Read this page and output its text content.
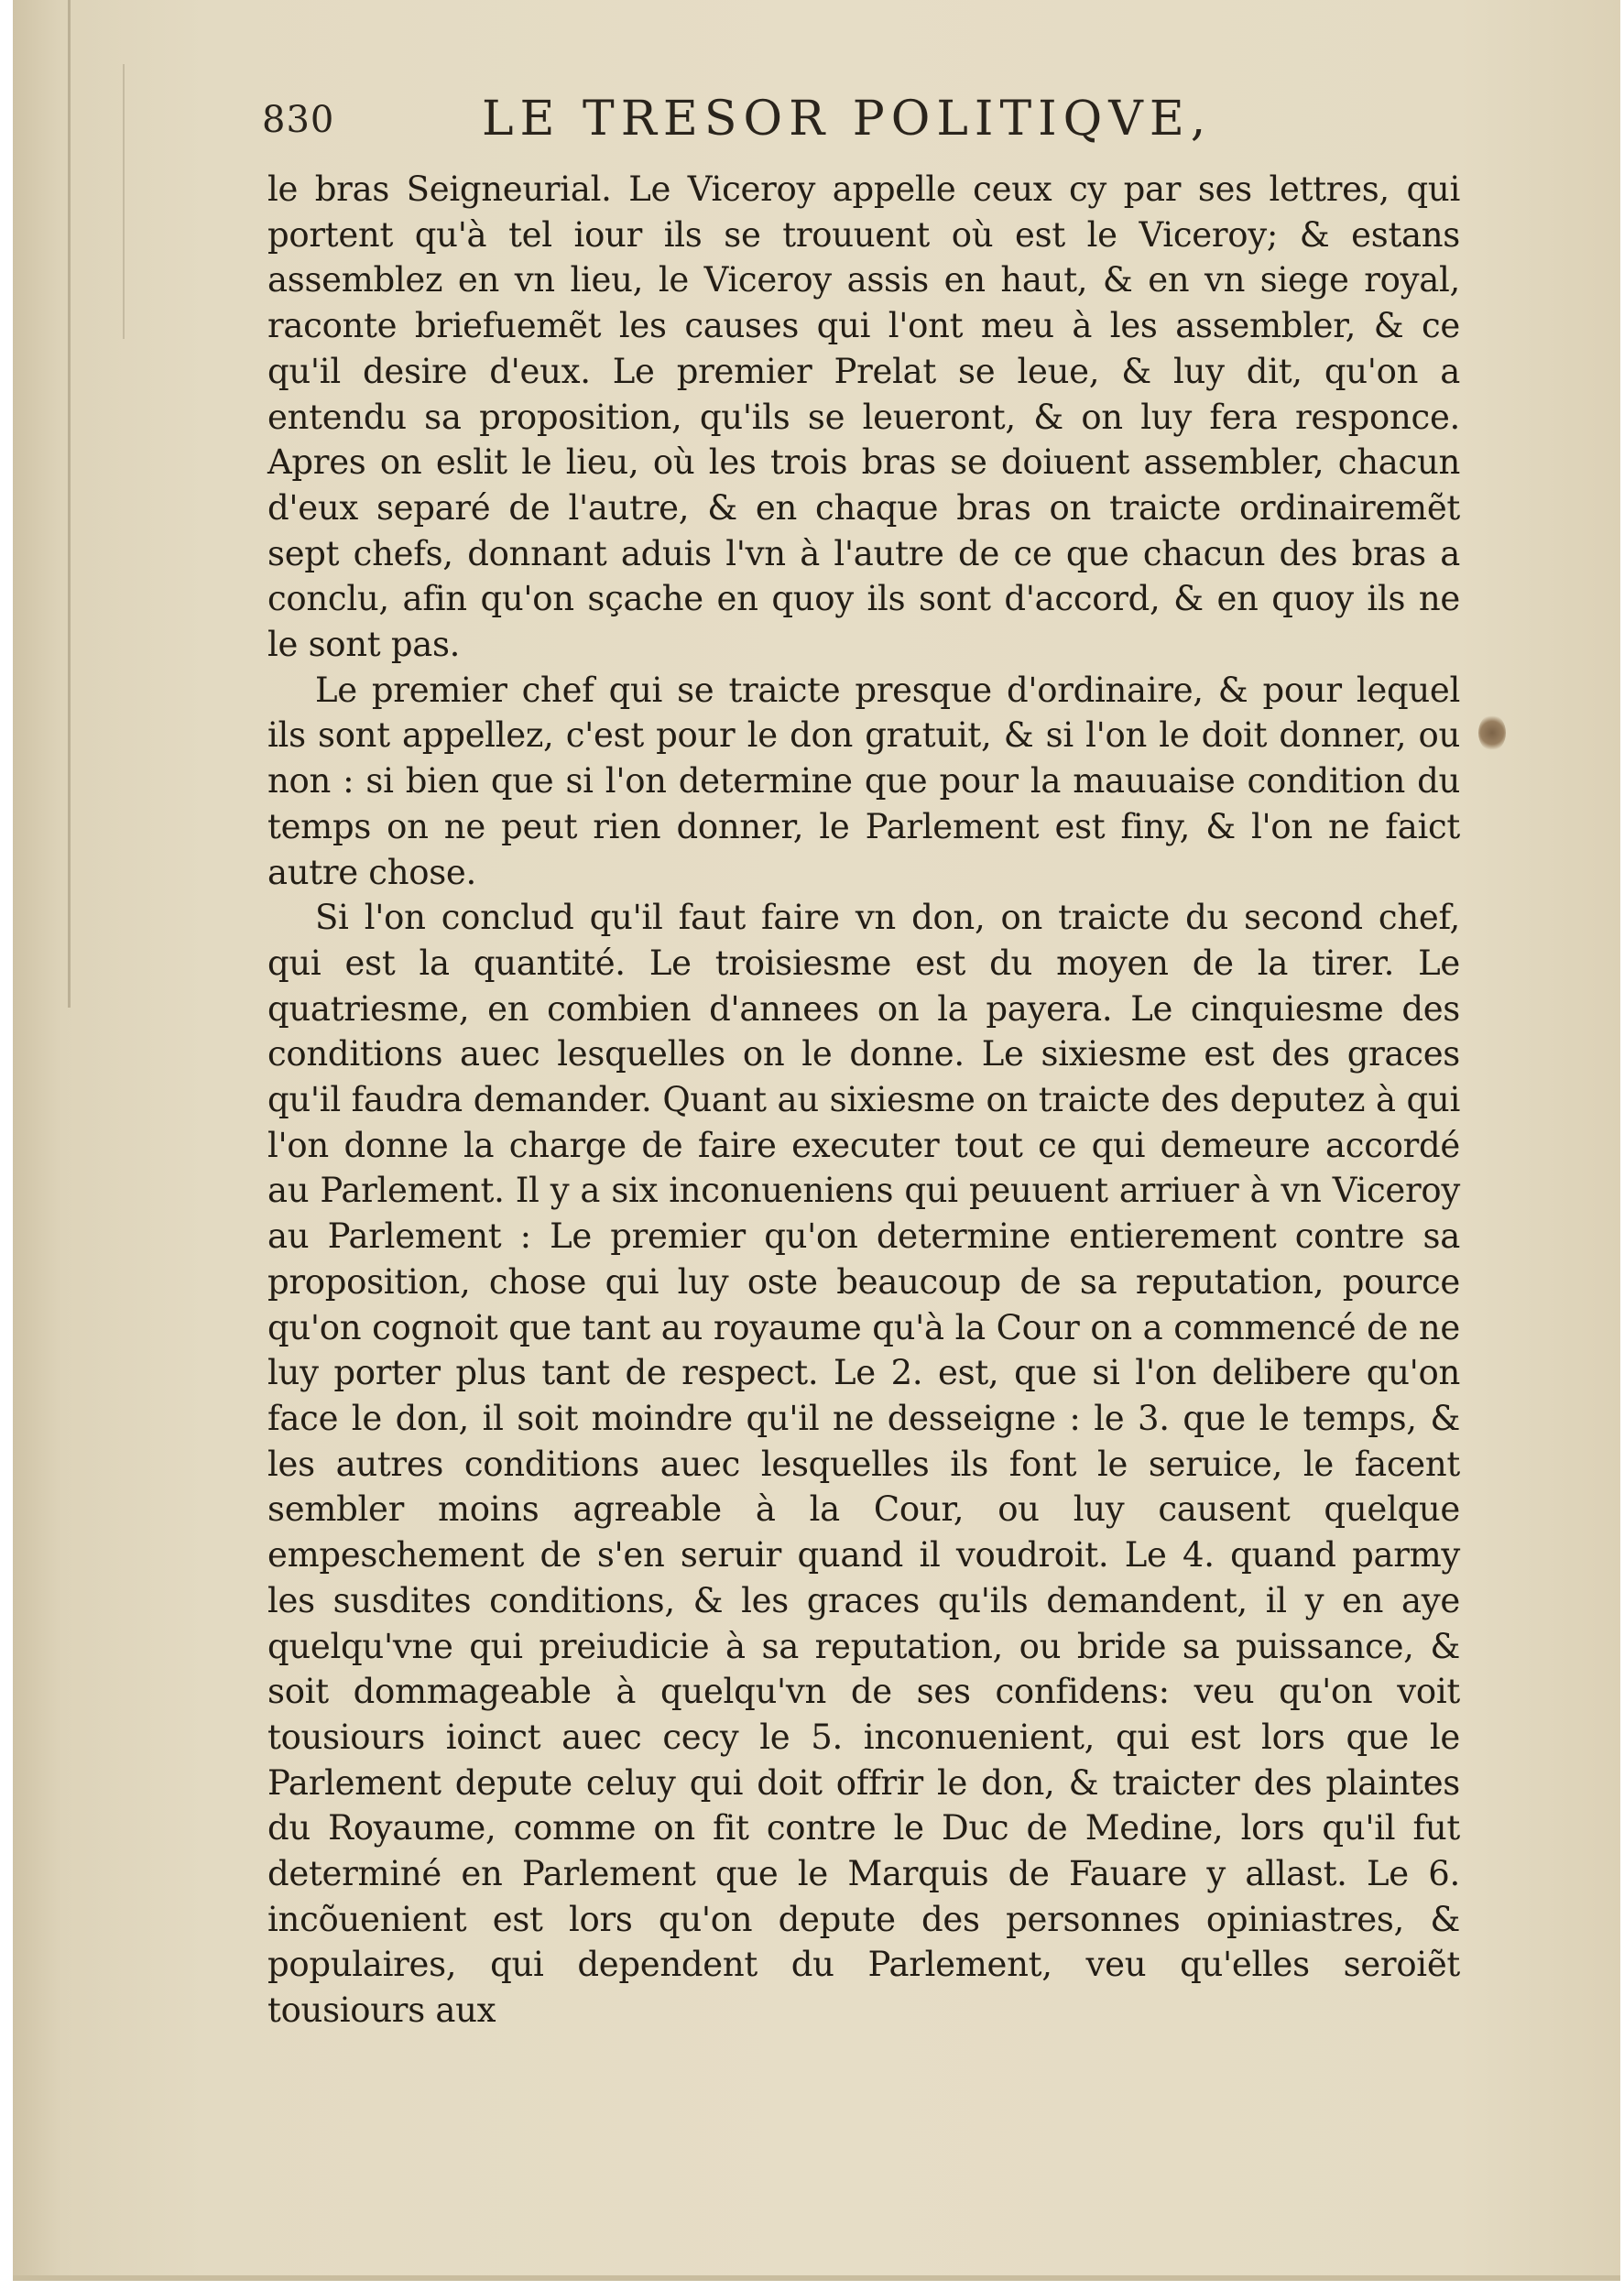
830	LE TRESOR POLITIQVE,

le bras Seigneurial. Le Viceroy appelle ceux cy par ses lettres, qui portent qu'à tel iour ils se trouuent où est le Viceroy; & estans assemblez en vn lieu, le Viceroy assis en haut, & en vn siege royal, raconte briefuemẽt les causes qui l'ont meu à les assembler, & ce qu'il desire d'eux. Le premier Prelat se leue, & luy dit, qu'on a entendu sa proposition, qu'ils se leueront, & on luy fera responce. Apres on eslit le lieu, où les trois bras se doiuent assembler, chacun d'eux separé de l'autre, & en chaque bras on traicte ordinairemẽt sept chefs, donnant aduis l'vn à l'autre de ce que chacun des bras a conclu, afin qu'on sçache en quoy ils sont d'accord, & en quoy ils ne le sont pas.

Le premier chef qui se traicte presque d'ordinaire, & pour lequel ils sont appellez, c'est pour le don gratuit, & si l'on le doit donner, ou non : si bien que si l'on determine que pour la mauuaise condition du temps on ne peut rien donner, le Parlement est finy, & l'on ne faict autre chose.

Si l'on conclud qu'il faut faire vn don, on traicte du second chef, qui est la quantité. Le troisiesme est du moyen de la tirer. Le quatriesme, en combien d'annees on la payera. Le cinquiesme des conditions auec lesquelles on le donne. Le sixiesme est des graces qu'il faudra demander. Quant au sixiesme on traicte des deputez à qui l'on donne la charge de faire executer tout ce qui demeure accordé au Parlement. Il y a six inconueniens qui peuuent arriuer à vn Viceroy au Parlement : Le premier qu'on determine entierement contre sa proposition, chose qui luy oste beaucoup de sa reputation, pource qu'on cognoit que tant au royaume qu'à la Cour on a commencé de ne luy porter plus tant de respect. Le 2. est, que si l'on delibere qu'on face le don, il soit moindre qu'il ne desseigne : le 3. que le temps, & les autres conditions auec lesquelles ils font le seruice, le facent sembler moins agreable à la Cour, ou luy causent quelque empeschement de s'en seruir quand il voudroit. Le 4. quand parmy les susdites conditions, & les graces qu'ils demandent, il y en aye quelqu'vne qui preiudicie à sa reputation, ou bride sa puissance, & soit dommageable à quelqu'vn de ses confidens: veu qu'on voit tousiours ioinct auec cecy le 5. inconuenient, qui est lors que le Parlement depute celuy qui doit offrir le don, & traicter des plaintes du Royaume, comme on fit contre le Duc de Medine, lors qu'il fut determiné en Parlement que le Marquis de Fauare y allast. Le 6. incõuenient est lors qu'on depute des personnes opiniastres, & populaires, qui dependent du Parlement, veu qu'elles seroiẽt tousiours aux
